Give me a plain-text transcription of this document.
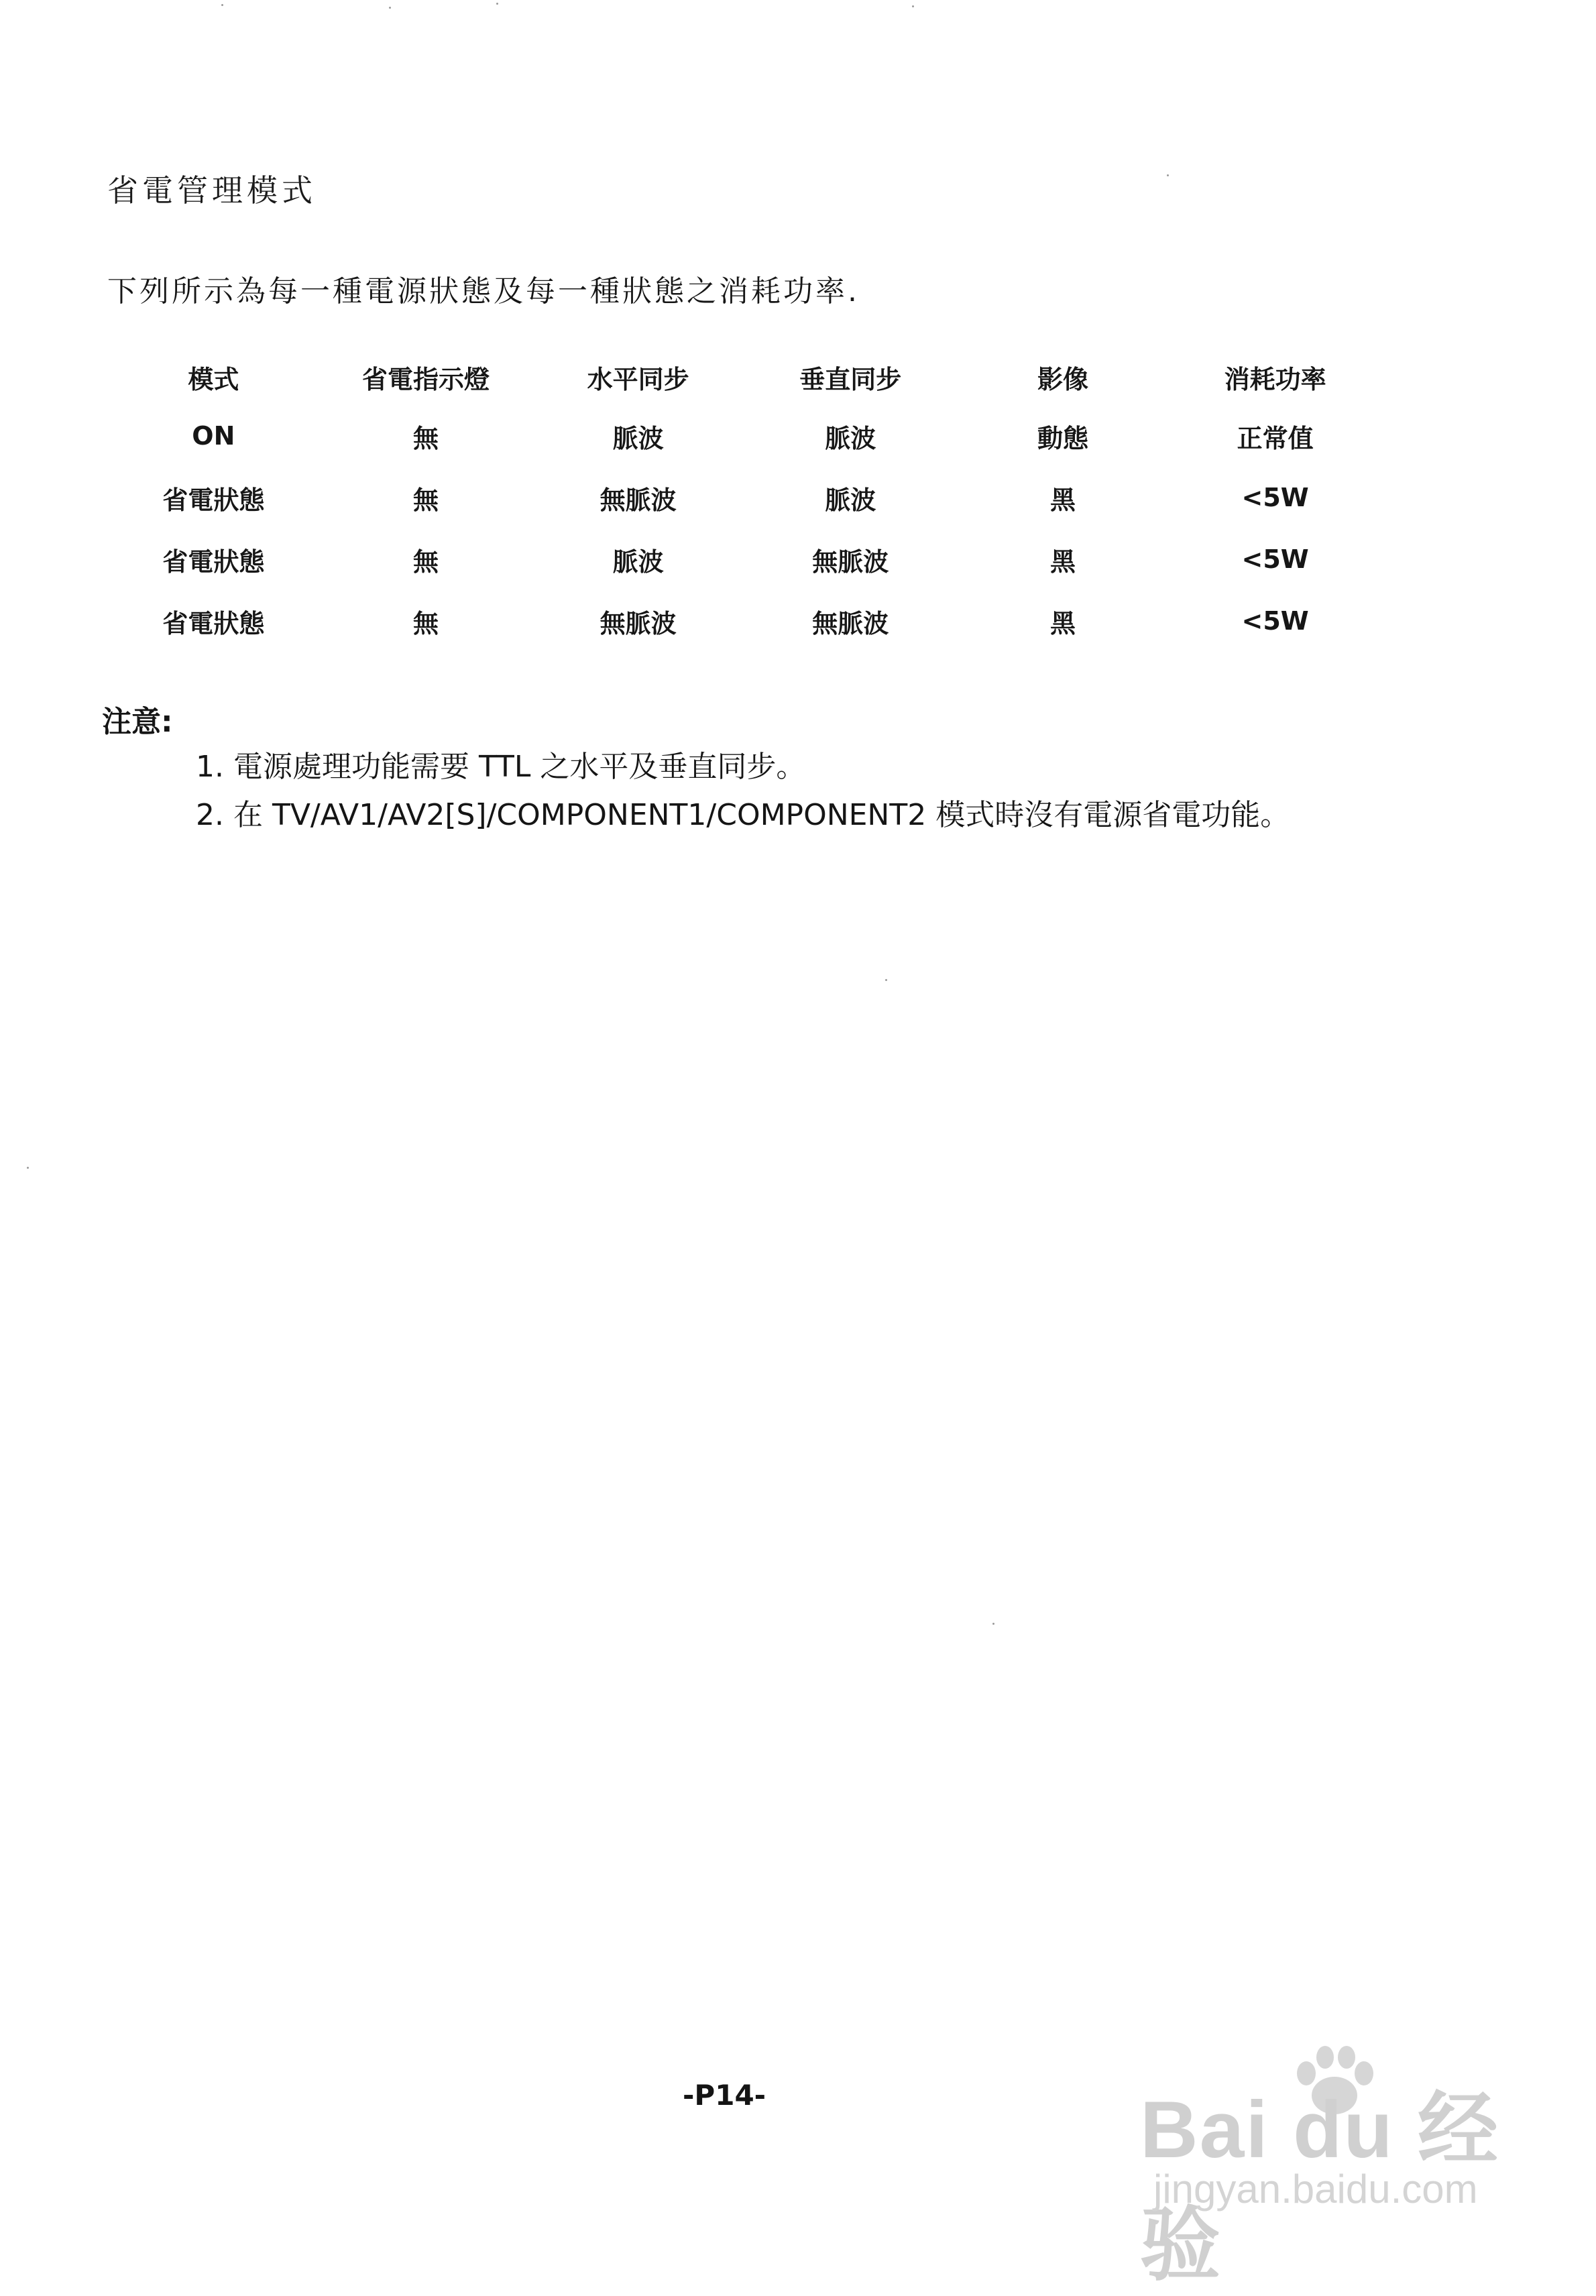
省電管理模式
下列所示為每一種電源狀態及每一種狀態之消耗功率.
模式	省電指示燈	水平同步	垂直同步	影像	消耗功率
ON	無	脈波	脈波	動態	正常值
省電狀態	無	無脈波	脈波	黑	<5W
省電狀態	無	脈波	無脈波	黑	<5W
省電狀態	無	無脈波	無脈波	黑	<5W
注意:
1. 電源處理功能需要 TTL 之水平及垂直同步。
2. 在 TV/AV1/AV2[S]/COMPONENT1/COMPONENT2 模式時沒有電源省電功能。
-P14-	Bai du 经验
jingyan.baidu.com
